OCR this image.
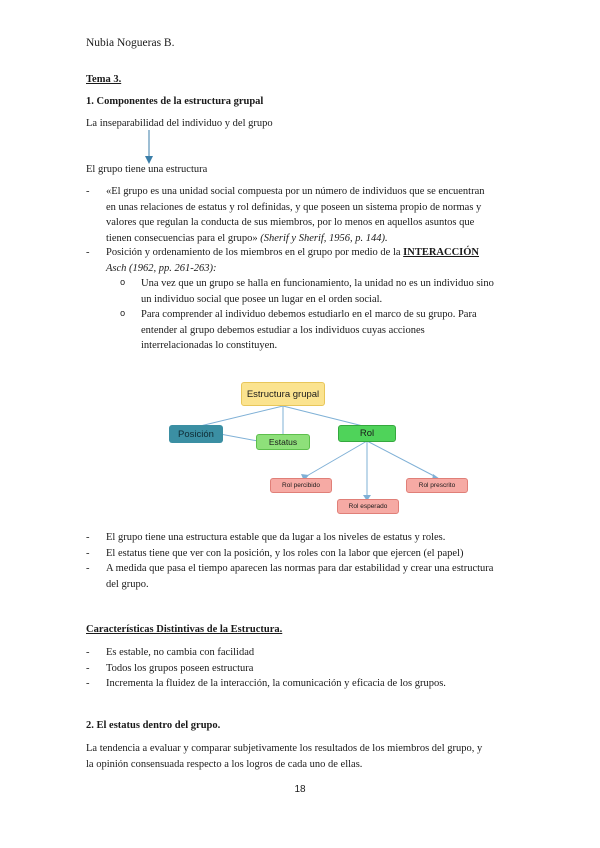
Nubia Nogueras B.

Tema 3.

1. Componentes de la estructura grupal

La inseparabilidad del individuo y del grupo

El grupo tiene una estructura

- «El grupo es una unidad social compuesta por un número de individuos que se encuentran

en unas relaciones de estatus y rol definidas, y que poseen un sistema propio de normas y

valores que regulan la conducta de sus miembros, por lo menos en aquellos asuntos que

tienen consecuencias para el grupo» (Sherif y Sherif, 1956, p. 144).

- Posición y ordenamiento de los miembros en el grupo por medio de la INTERACCIÓN

Asch (1962, pp. 261-263):

o Una vez que un grupo se halla en funcionamiento, la unidad no es un individuo sino

un individuo social que posee un lugar en el orden social.

o Para comprender al individuo debemos estudiarlo en el marco de su grupo. Para

entender al grupo debemos estudiar a los individuos cuyas acciones

interrelacionadas lo constituyen.

Estructura grupal
Posición
Estatus
Rol
Rol percibido
Rol esperado
Rol prescrito
- El grupo tiene una estructura estable que da lugar a los niveles de estatus y roles.

- El estatus tiene que ver con la posición, y los roles con la labor que ejercen (el papel)

- A medida que pasa el tiempo aparecen las normas para dar estabilidad y crear una estructura

del grupo.

Características Distintivas de la Estructura.

- Es estable, no cambia con facilidad

- Todos los grupos poseen estructura

- Incrementa la fluidez de la interacción, la comunicación y eficacia de los grupos.

2. El estatus dentro del grupo.

La tendencia a evaluar y comparar subjetivamente los resultados de los miembros del grupo, y

la opinión consensuada respecto a los logros de cada uno de ellas.

18
